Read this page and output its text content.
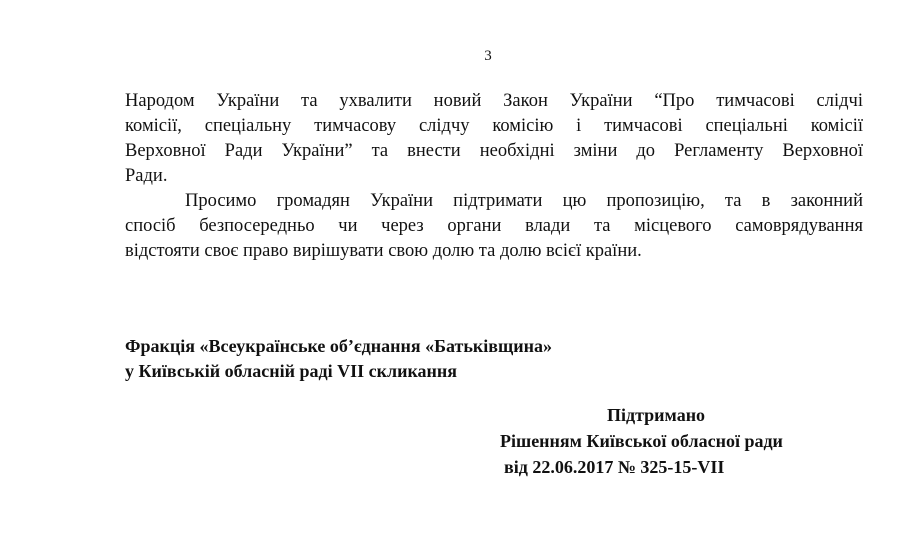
3

Народом України та ухвалити новий Закон України “Про тимчасові слідчі
комісії, спеціальну тимчасову слідчу комісію і тимчасові спеціальні комісії
Верховної Ради України” та внести необхідні зміни до Регламенту Верховної
Ради.

Просимо громадян України підтримати цю пропозицію, та в законний
спосіб безпосередньо чи через органи влади та місцевого самоврядування
відстояти своє право вирішувати свою долю та долю всієї країни.

Фракція «Всеукраїнське об’єднання «Батьківщина»
у Київській обласній раді VII скликання
Підтримано
Рішенням Київської обласної ради
від 22.06.2017 № 325-15-VII
